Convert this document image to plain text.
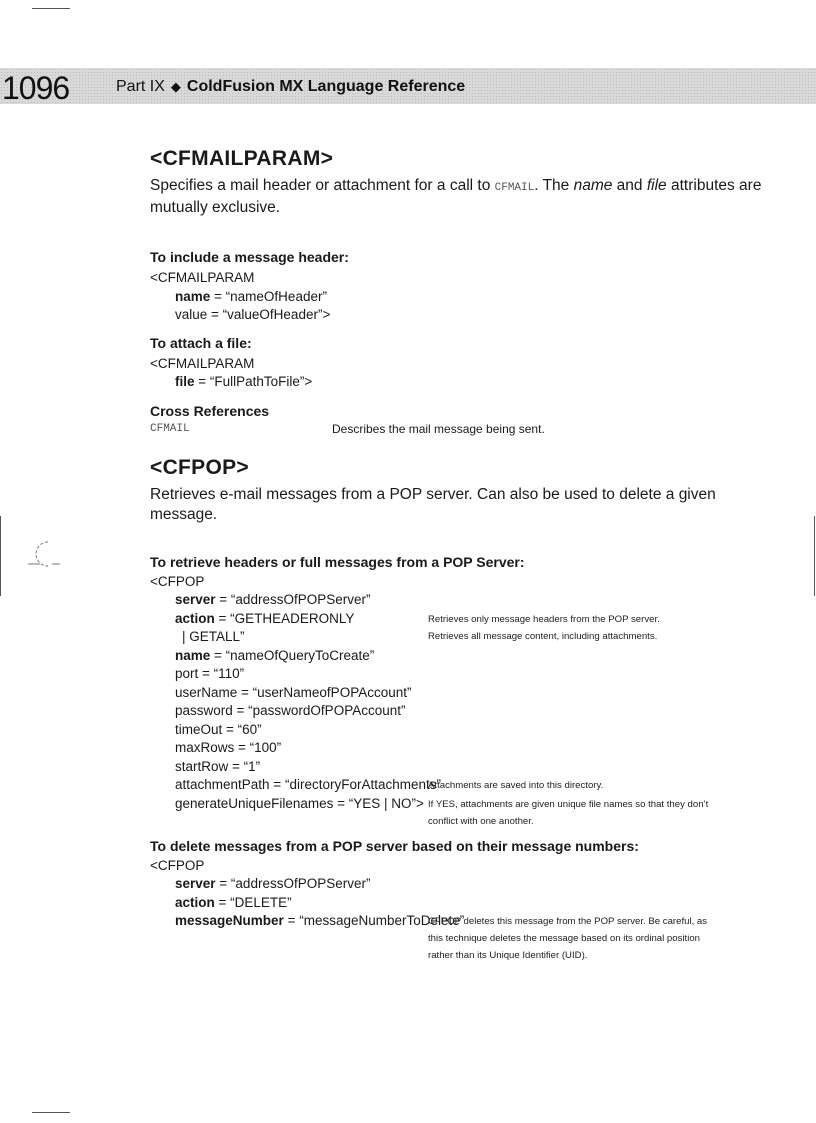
1096	Part IX ◆ ColdFusion MX Language Reference
<CFMAILPARAM>

Specifies a mail header or attachment for a call to CFMAIL. The name and file attributes are mutually exclusive.

To include a message header:
<CFMAILPARAM
name = “nameOfHeader”
value = “valueOfHeader”>
To attach a file:
<CFMAILPARAM
file = “FullPathToFile”>
Cross References
CFMAIL	Describes the mail message being sent.
<CFPOP>

Retrieves e-mail messages from a POP server. Can also be used to delete a given message.

To retrieve headers or full messages from a POP Server:
<CFPOP
server = “addressOfPOPServer”
action = “GETHEADERONLY	Retrieves only message headers from the POP server.
| GETALL”	Retrieves all message content, including attachments.
name = “nameOfQueryToCreate”
port = “110”
userName = “userNameofPOPAccount”
password = “passwordOfPOPAccount”
timeOut = “60”
maxRows = “100”
startRow = “1”
attachmentPath = “directoryForAttachments”
Attachments are saved into this directory.
generateUniqueFilenames = “YES | NO”> If YES, attachments are given unique file names so that they don’t conflict with one another.
To delete messages from a POP server based on their message numbers:
<CFPOP
server = “addressOfPOPServer”
action = “DELETE”
messageNumber = “messageNumberToDelete”
CFPOP deletes this message from the POP server. Be careful, as this technique deletes the message based on its ordinal position rather than its Unique Identifier (UID).
